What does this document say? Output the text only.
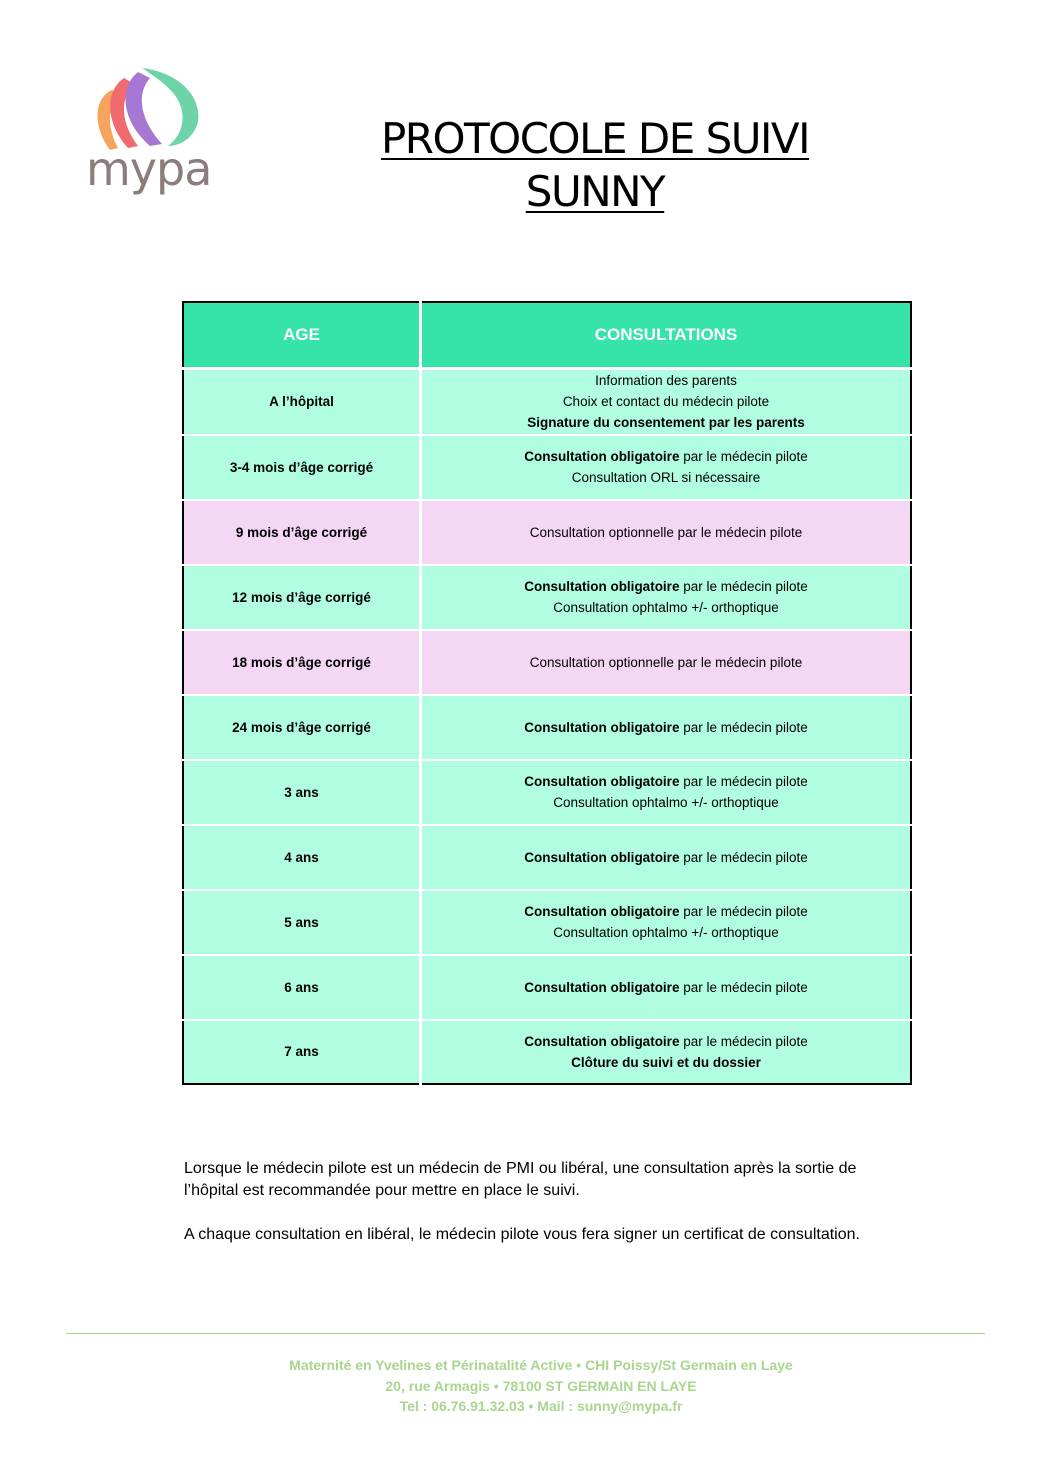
mypa
PROTOCOLE DE SUIVI
SUNNY
AGE	CONSULTATIONS
A l’hôpital	Information des parents
Choix et contact du médecin pilote
Signature du consentement par les parents

3-4 mois d’âge corrigé	Consultation obligatoire par le médecin pilote
Consultation ORL si nécessaire

9 mois d’âge corrigé	Consultation optionnelle par le médecin pilote

12 mois d’âge corrigé	Consultation obligatoire par le médecin pilote
Consultation ophtalmo +/- orthoptique

18 mois d’âge corrigé	Consultation optionnelle par le médecin pilote

24 mois d’âge corrigé	Consultation obligatoire par le médecin pilote

3 ans	Consultation obligatoire par le médecin pilote
Consultation ophtalmo +/- orthoptique

4 ans	Consultation obligatoire par le médecin pilote

5 ans	Consultation obligatoire par le médecin pilote
Consultation ophtalmo +/- orthoptique

6 ans	Consultation obligatoire par le médecin pilote

7 ans	Consultation obligatoire par le médecin pilote
Clôture du suivi et du dossier

Lorsque le médecin pilote est un médecin de PMI ou libéral, une consultation après la sortie de l’hôpital est recommandée pour mettre en place le suivi.

A chaque consultation en libéral, le médecin pilote vous fera signer un certificat de consultation.

Maternité en Yvelines et Périnatalité Active • CHI Poissy/St Germain en Laye
20, rue Armagis • 78100 ST GERMAIN EN LAYE
Tel : 06.76.91.32.03 • Mail : sunny@mypa.fr
